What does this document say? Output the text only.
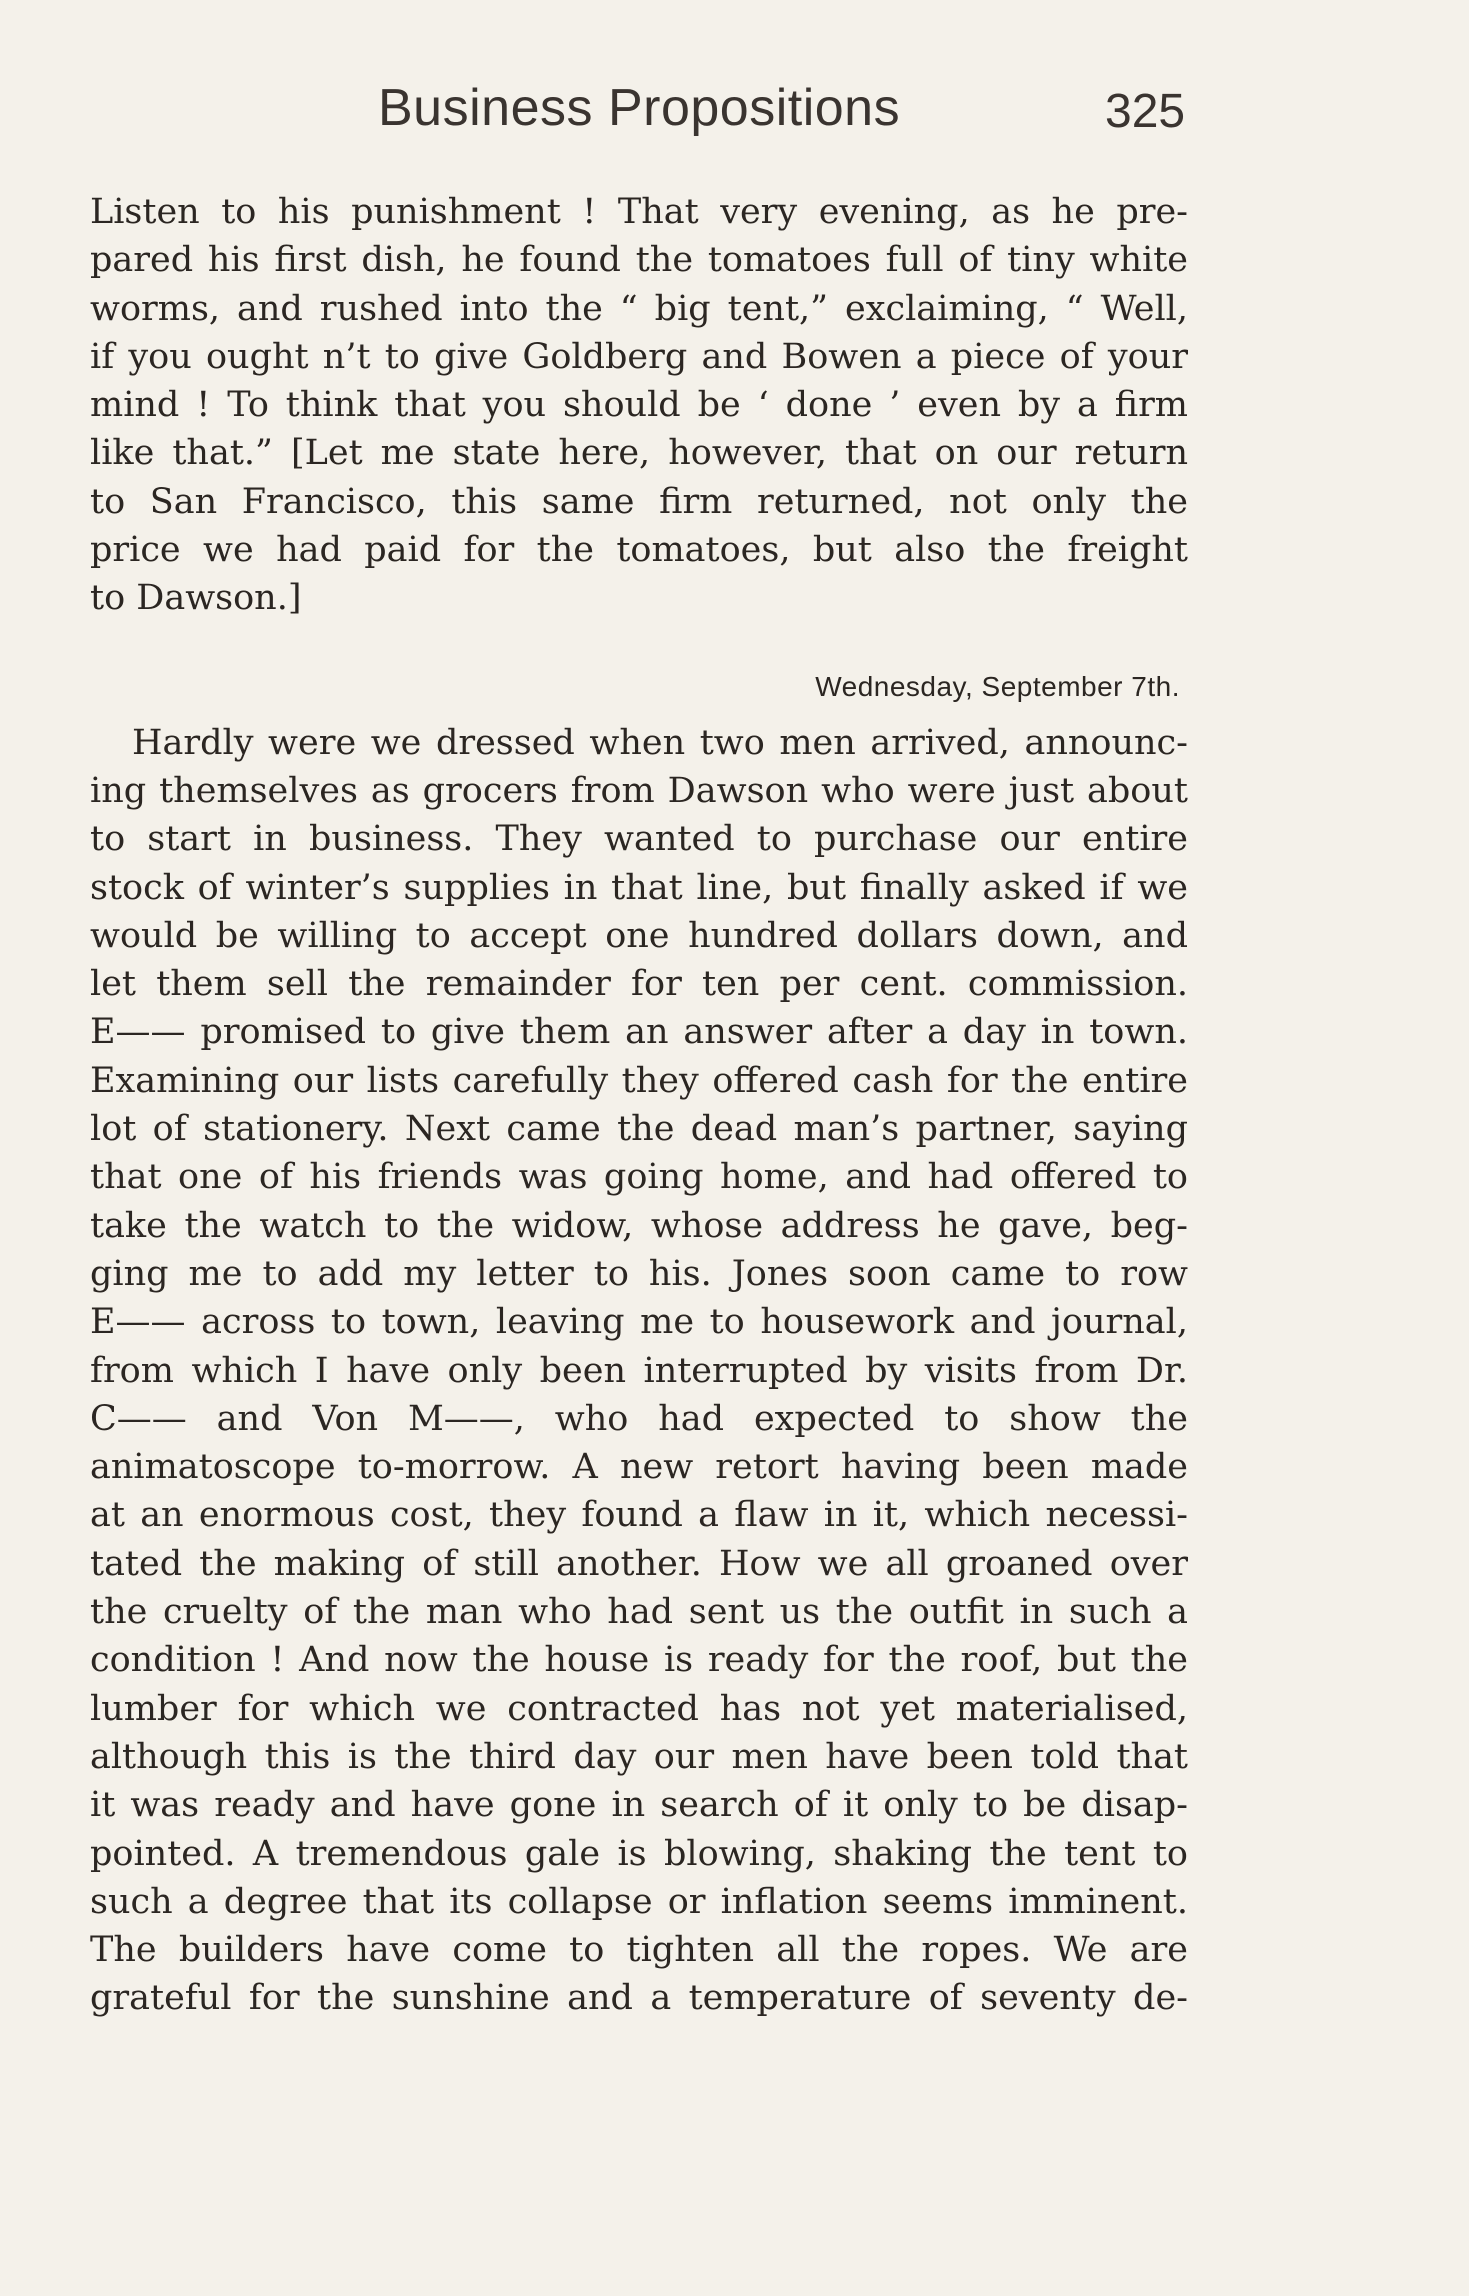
Business Propositions	325
Listen to his punishment ! That very evening, as he pre-
pared his first dish, he found the tomatoes full of tiny white
worms, and rushed into the “ big tent,” exclaiming, “ Well,
if you ought n’t to give Goldberg and Bowen a piece of your
mind ! To think that you should be ‘ done ’ even by a firm
like that.” [Let me state here, however, that on our return
to San Francisco, this same firm returned, not only the
price we had paid for the tomatoes, but also the freight
to Dawson.]
Wednesday, September 7th.
Hardly were we dressed when two men arrived, announc-
ing themselves as grocers from Dawson who were just about
to start in business. They wanted to purchase our entire
stock of winter’s supplies in that line, but finally asked if we
would be willing to accept one hundred dollars down, and
let them sell the remainder for ten per cent. commission.
E—— promised to give them an answer after a day in town.
Examining our lists carefully they offered cash for the entire
lot of stationery. Next came the dead man’s partner, saying
that one of his friends was going home, and had offered to
take the watch to the widow, whose address he gave, beg-
ging me to add my letter to his. Jones soon came to row
E—— across to town, leaving me to housework and journal,
from which I have only been interrupted by visits from Dr.
C—— and Von M——, who had expected to show the
animatoscope to-morrow. A new retort having been made
at an enormous cost, they found a flaw in it, which necessi-
tated the making of still another. How we all groaned over
the cruelty of the man who had sent us the outfit in such a
condition ! And now the house is ready for the roof, but the
lumber for which we contracted has not yet materialised,
although this is the third day our men have been told that
it was ready and have gone in search of it only to be disap-
pointed. A tremendous gale is blowing, shaking the tent to
such a degree that its collapse or inflation seems imminent.
The builders have come to tighten all the ropes. We are
grateful for the sunshine and a temperature of seventy de-
